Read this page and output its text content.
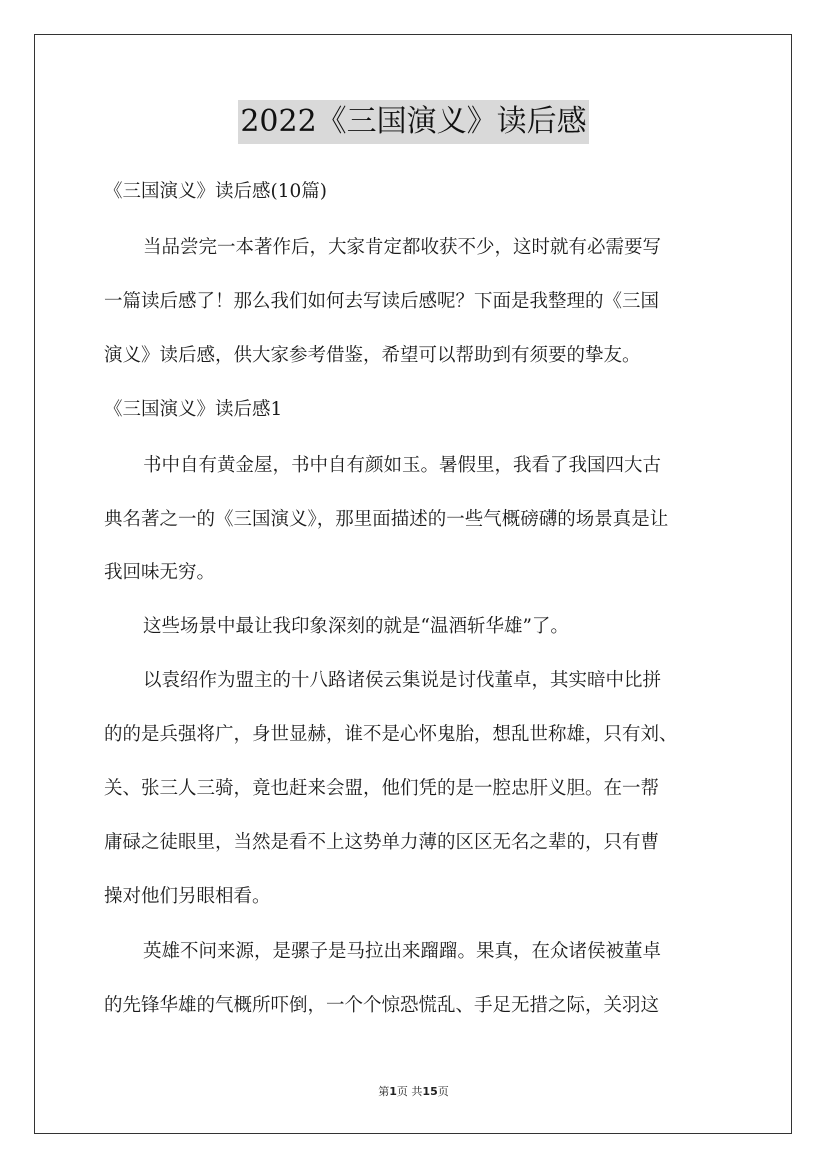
2022《三国演义》读后感
《三国演义》读后感(10篇)
当品尝完一本著作后，大家肯定都收获不少，这时就有必需要写
一篇读后感了！那么我们如何去写读后感呢？下面是我整理的《三国
演义》读后感，供大家参考借鉴，希望可以帮助到有须要的挚友。
《三国演义》读后感1
书中自有黄金屋，书中自有颜如玉。暑假里，我看了我国四大古
典名著之一的《三国演义》，那里面描述的一些气概磅礴的场景真是让
我回味无穷。
这些场景中最让我印象深刻的就是“温酒斩华雄”了。
以袁绍作为盟主的十八路诸侯云集说是讨伐董卓，其实暗中比拼
的的是兵强将广，身世显赫，谁不是心怀鬼胎，想乱世称雄，只有刘、
关、张三人三骑，竟也赶来会盟，他们凭的是一腔忠肝义胆。在一帮
庸碌之徒眼里，当然是看不上这势单力薄的区区无名之辈的，只有曹
操对他们另眼相看。
英雄不问来源，是骡子是马拉出来蹓蹓。果真，在众诸侯被董卓
的先锋华雄的气概所吓倒，一个个惊恐慌乱、手足无措之际，关羽这
第1页 共15页
